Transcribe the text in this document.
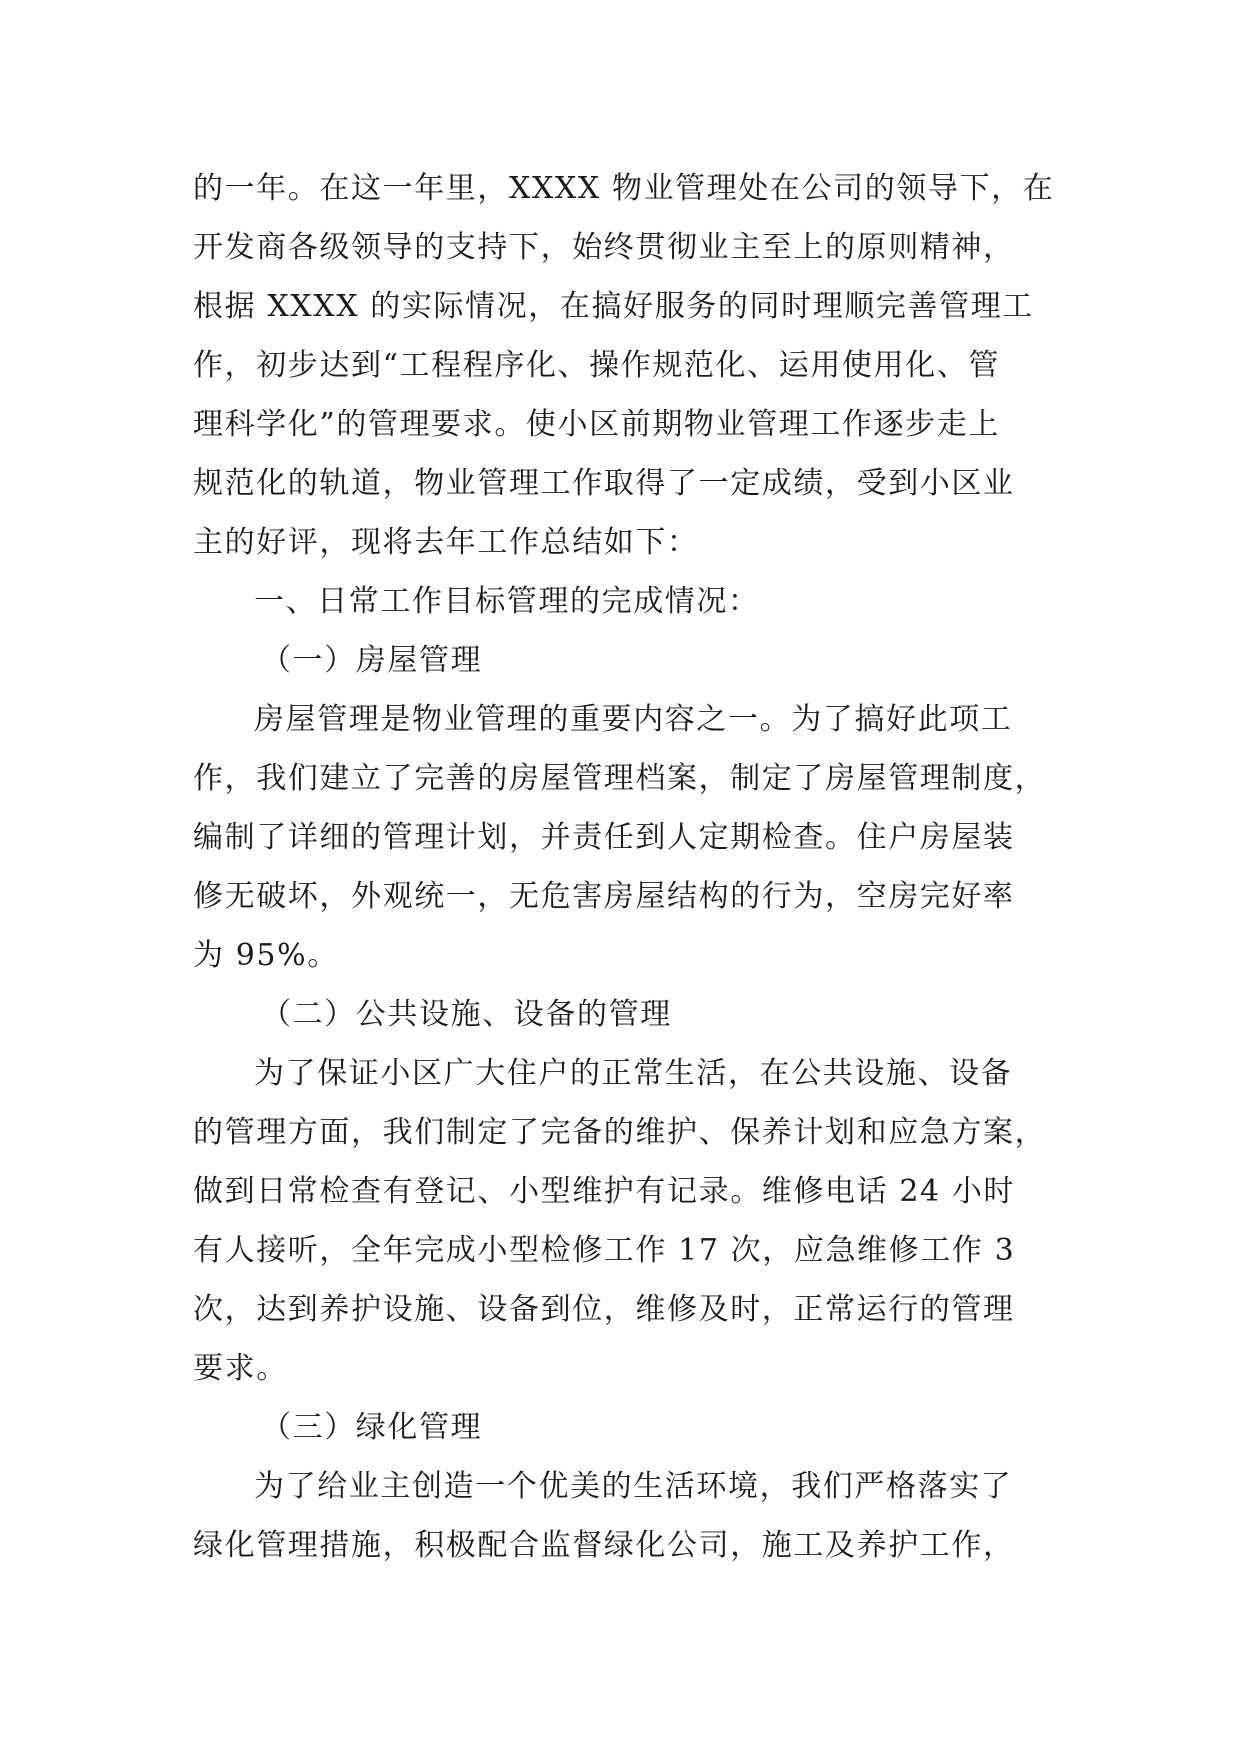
的一年。在这一年里，XXXX 物业管理处在公司的领导下，在
开发商各级领导的支持下，始终贯彻业主至上的原则精神，
根据 XXXX 的实际情况，在搞好服务的同时理顺完善管理工
作，初步达到“工程程序化、操作规范化、运用使用化、管
理科学化”的管理要求。使小区前期物业管理工作逐步走上
规范化的轨道，物业管理工作取得了一定成绩，受到小区业
主的好评，现将去年工作总结如下：
一、日常工作目标管理的完成情况：
（一）房屋管理
房屋管理是物业管理的重要内容之一。为了搞好此项工
作，我们建立了完善的房屋管理档案，制定了房屋管理制度，
编制了详细的管理计划，并责任到人定期检查。住户房屋装
修无破坏，外观统一，无危害房屋结构的行为，空房完好率
为 95%。
（二）公共设施、设备的管理
为了保证小区广大住户的正常生活，在公共设施、设备
的管理方面，我们制定了完备的维护、保养计划和应急方案，
做到日常检查有登记、小型维护有记录。维修电话 24 小时
有人接听，全年完成小型检修工作 17 次，应急维修工作 3
次，达到养护设施、设备到位，维修及时，正常运行的管理
要求。
（三）绿化管理
为了给业主创造一个优美的生活环境，我们严格落实了
绿化管理措施，积极配合监督绿化公司，施工及养护工作，
